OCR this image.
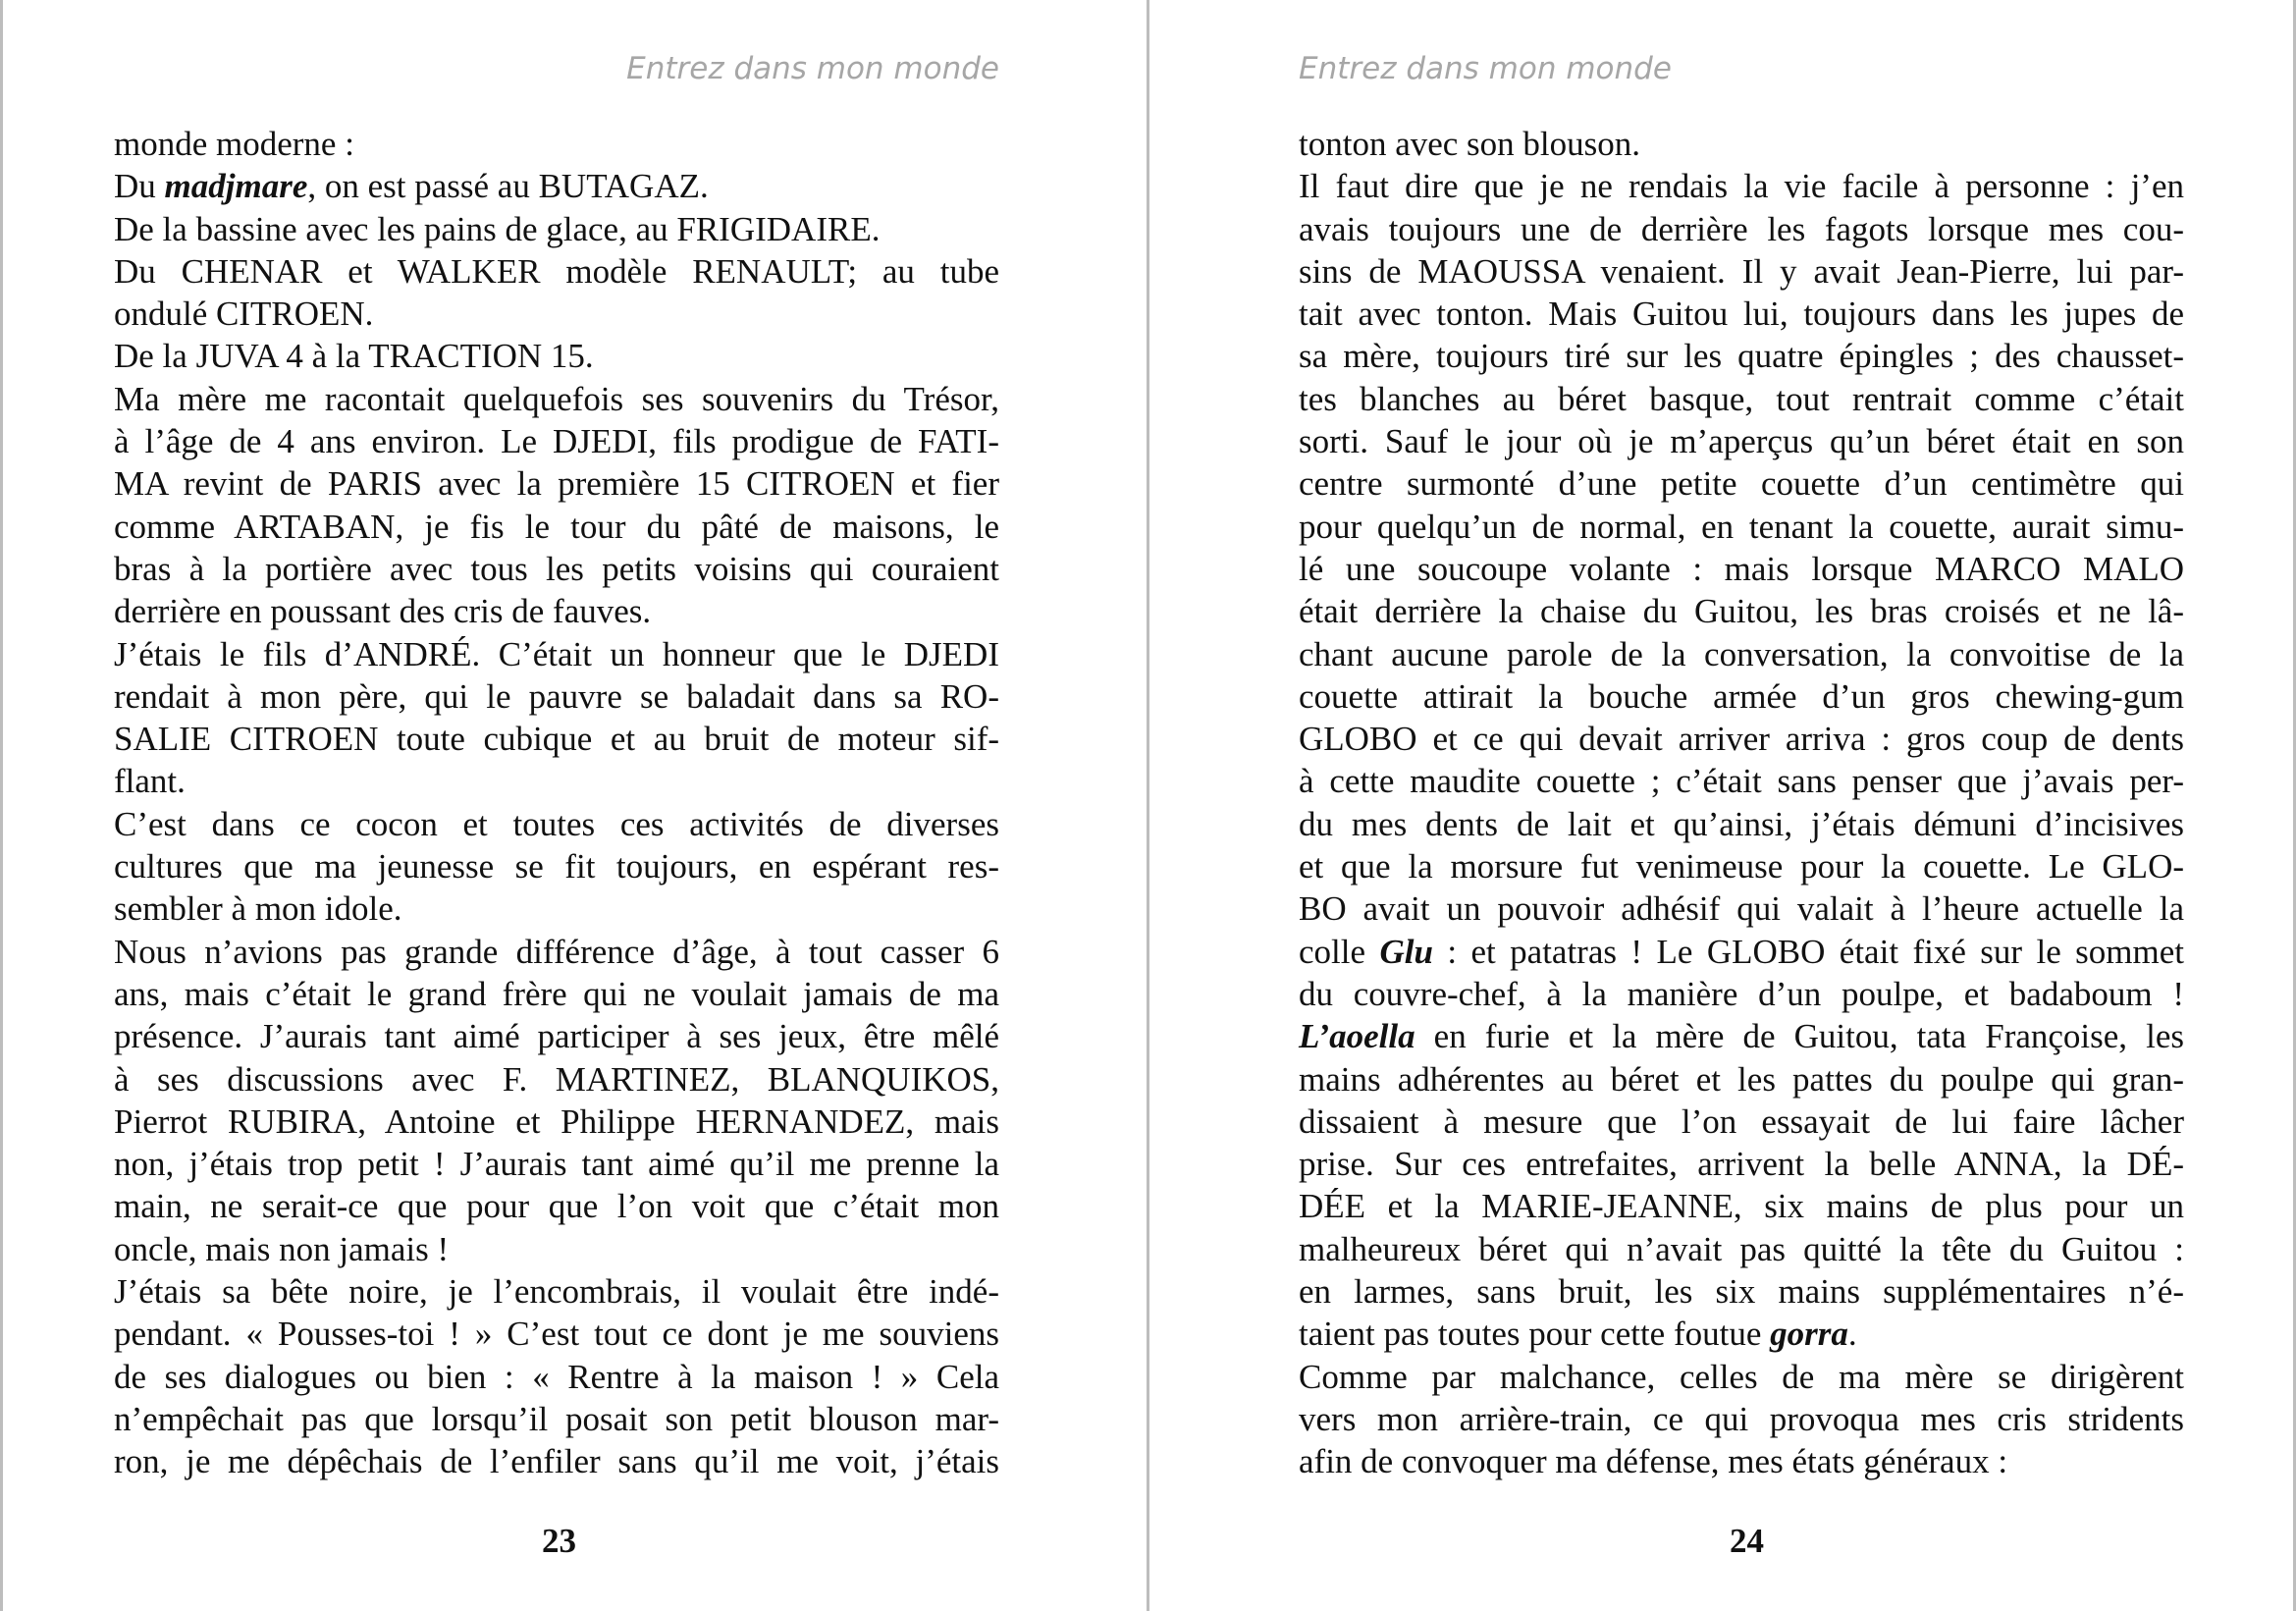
Entrez dans mon monde
monde moderne :
Du madjmare, on est passé au BUTAGAZ.
De la bassine avec les pains de glace, au FRIGIDAIRE.
Du CHENAR et WALKER modèle RENAULT; au tube
ondulé CITROEN.
De la JUVA 4 à la TRACTION 15.
Ma mère me racontait quelquefois ses souvenirs du Trésor,
à l’âge de 4 ans environ. Le DJEDI, fils prodigue de FATI-
MA revint de PARIS avec la première 15 CITROEN et fier
comme ARTABAN, je fis le tour du pâté de maisons, le
bras à la portière avec tous les petits voisins qui couraient
derrière en poussant des cris de fauves.
J’étais le fils d’ANDRÉ. C’était un honneur que le DJEDI
rendait à mon père, qui le pauvre se baladait dans sa RO-
SALIE CITROEN toute cubique et au bruit de moteur sif-
flant.
C’est dans ce cocon et toutes ces activités de diverses
cultures que ma jeunesse se fit toujours, en espérant res-
sembler à mon idole.
Nous n’avions pas grande différence d’âge, à tout casser 6
ans, mais c’était le grand frère qui ne voulait jamais de ma
présence. J’aurais tant aimé participer à ses jeux, être mêlé
à ses discussions avec F. MARTINEZ, BLANQUIKOS,
Pierrot RUBIRA, Antoine et Philippe HERNANDEZ, mais
non, j’étais trop petit ! J’aurais tant aimé qu’il me prenne la
main, ne serait-ce que pour que l’on voit que c’était mon
oncle, mais non jamais !
J’étais sa bête noire, je l’encombrais, il voulait être indé-
pendant. « Pousses-toi ! » C’est tout ce dont je me souviens
de ses dialogues ou bien : « Rentre à la maison ! » Cela
n’empêchait pas que lorsqu’il posait son petit blouson mar-
ron, je me dépêchais de l’enfiler sans qu’il me voit, j’étais
23
Entrez dans mon monde
tonton avec son blouson.
Il faut dire que je ne rendais la vie facile à personne : j’en
avais toujours une de derrière les fagots lorsque mes cou-
sins de MAOUSSA venaient. Il y avait Jean-Pierre, lui par-
tait avec tonton. Mais Guitou lui, toujours dans les jupes de
sa mère, toujours tiré sur les quatre épingles ; des chausset-
tes blanches au béret basque, tout rentrait comme c’était
sorti. Sauf le jour où je m’aperçus qu’un béret était en son
centre surmonté d’une petite couette d’un centimètre qui
pour quelqu’un de normal, en tenant la couette, aurait simu-
lé une soucoupe volante : mais lorsque MARCO MALO
était derrière la chaise du Guitou, les bras croisés et ne lâ-
chant aucune parole de la conversation, la convoitise de la
couette attirait la bouche armée d’un gros chewing-gum
GLOBO et ce qui devait arriver arriva : gros coup de dents
à cette maudite couette ; c’était sans penser que j’avais per-
du mes dents de lait et qu’ainsi, j’étais démuni d’incisives
et que la morsure fut venimeuse pour la couette. Le GLO-
BO avait un pouvoir adhésif qui valait à l’heure actuelle la
colle Glu : et patatras ! Le GLOBO était fixé sur le sommet
du couvre-chef, à la manière d’un poulpe, et badaboum !
L’aoella en furie et la mère de Guitou, tata Françoise, les
mains adhérentes au béret et les pattes du poulpe qui gran-
dissaient à mesure que l’on essayait de lui faire lâcher
prise. Sur ces entrefaites, arrivent la belle ANNA, la DÉ-
DÉE et la MARIE-JEANNE, six mains de plus pour un
malheureux béret qui n’avait pas quitté la tête du Guitou :
en larmes, sans bruit, les six mains supplémentaires n’é-
taient pas toutes pour cette foutue gorra.
Comme par malchance, celles de ma mère se dirigèrent
vers mon arrière-train, ce qui provoqua mes cris stridents
afin de convoquer ma défense, mes états généraux :
24
